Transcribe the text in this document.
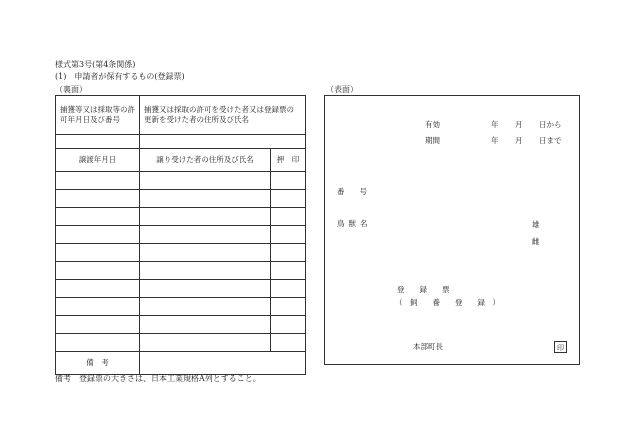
様式第3号(第4条関係)
(1)　申請者が保有するもの(登録票)
（裏面）	（表面）
捕獲等又は採取等の許可年月日及び番号	捕獲又は採取の許可を受けた者又は登録票の更新を受けた者の住所及び氏名	

譲渡年月日	譲り受けた者の住所及び氏名	押　印

備　考		
有効
期間
年 月 日から
年 月 日まで
番　　号
鳥獣名	雄
雌
登　　録　　票
（　飼　　養　　登　　録　）
本部町長	印
備考　登録票の大きさは、日本工業規格A列とすること。
